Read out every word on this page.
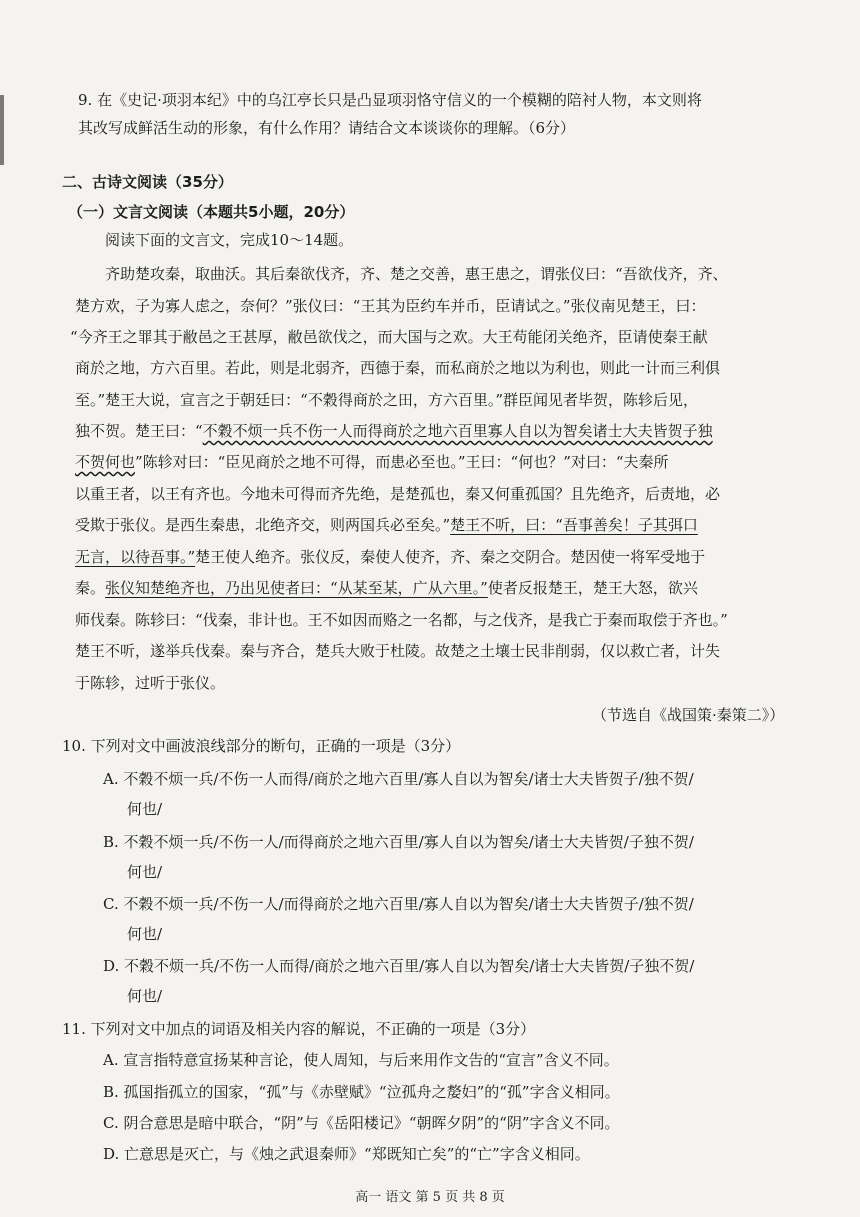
9. 在《史记·项羽本纪》中的乌江亭长只是凸显项羽恪守信义的一个模糊的陪衬人物，本文则将
其改写成鲜活生动的形象，有什么作用？请结合文本谈谈你的理解。（6分）
二、古诗文阅读（35分）
（一）文言文阅读（本题共5小题，20分）
阅读下面的文言文，完成10～14题。
齐助楚攻秦，取曲沃。其后秦欲伐齐，齐、楚之交善，惠王患之，谓张仪曰：“吾欲伐齐，齐、
楚方欢，子为寡人虑之，奈何？”张仪曰：“王其为臣约车并币，臣请试之。”张仪南见楚王，曰：
“今齐王之罪其于敝邑之王甚厚，敝邑欲伐之，而大国与之欢。大王苟能闭关绝齐，臣请使秦王献
商於之地，方六百里。若此，则是北弱齐，西德于秦，而私商於之地以为利也，则此一计而三利俱
至。”楚王大说，宣言之于朝廷曰：“不穀得商於之田，方六百里。”群臣闻见者毕贺，陈轸后见，
独不贺。楚王曰：“不穀不烦一兵不伤一人而得商於之地六百里寡人自以为智矣诸士大夫皆贺子独
不贺何也”陈轸对曰：“臣见商於之地不可得，而患必至也。”王曰：“何也？”对曰：“夫秦所
以重王者，以王有齐也。今地未可得而齐先绝，是楚孤也，秦又何重孤国？且先绝齐，后责地，必
受欺于张仪。是西生秦患，北绝齐交，则两国兵必至矣。”楚王不听，曰：“吾事善矣！子其弭口
无言，以待吾事。”楚王使人绝齐。张仪反，秦使人使齐，齐、秦之交阴合。楚因使一将军受地于
秦。张仪知楚绝齐也，乃出见使者曰：“从某至某，广从六里。”使者反报楚王，楚王大怒，欲兴
师伐秦。陈轸曰：“伐秦，非计也。王不如因而赂之一名都，与之伐齐，是我亡于秦而取偿于齐也。”
楚王不听，遂举兵伐秦。秦与齐合，楚兵大败于杜陵。故楚之土壤士民非削弱，仅以救亡者，计失
于陈轸，过听于张仪。
（节选自《战国策·秦策二》）
10. 下列对文中画波浪线部分的断句，正确的一项是（3分）
A. 不穀不烦一兵/不伤一人而得/商於之地六百里/寡人自以为智矣/诸士大夫皆贺子/独不贺/
何也/
B. 不穀不烦一兵/不伤一人/而得商於之地六百里/寡人自以为智矣/诸士大夫皆贺/子独不贺/
何也/
C. 不穀不烦一兵/不伤一人/而得商於之地六百里/寡人自以为智矣/诸士大夫皆贺子/独不贺/
何也/
D. 不穀不烦一兵/不伤一人而得/商於之地六百里/寡人自以为智矣/诸士大夫皆贺/子独不贺/
何也/
11. 下列对文中加点的词语及相关内容的解说，不正确的一项是（3分）
A. 宣言指特意宣扬某种言论，使人周知，与后来用作文告的“宣言”含义不同。
B. 孤国指孤立的国家，“孤”与《赤壁赋》“泣孤舟之嫠妇”的“孤”字含义相同。
C. 阴合意思是暗中联合，“阴”与《岳阳楼记》“朝晖夕阴”的“阴”字含义不同。
D. 亡意思是灭亡，与《烛之武退秦师》“郑既知亡矣”的“亡”字含义相同。
高一 语文 第 5 页 共 8 页
